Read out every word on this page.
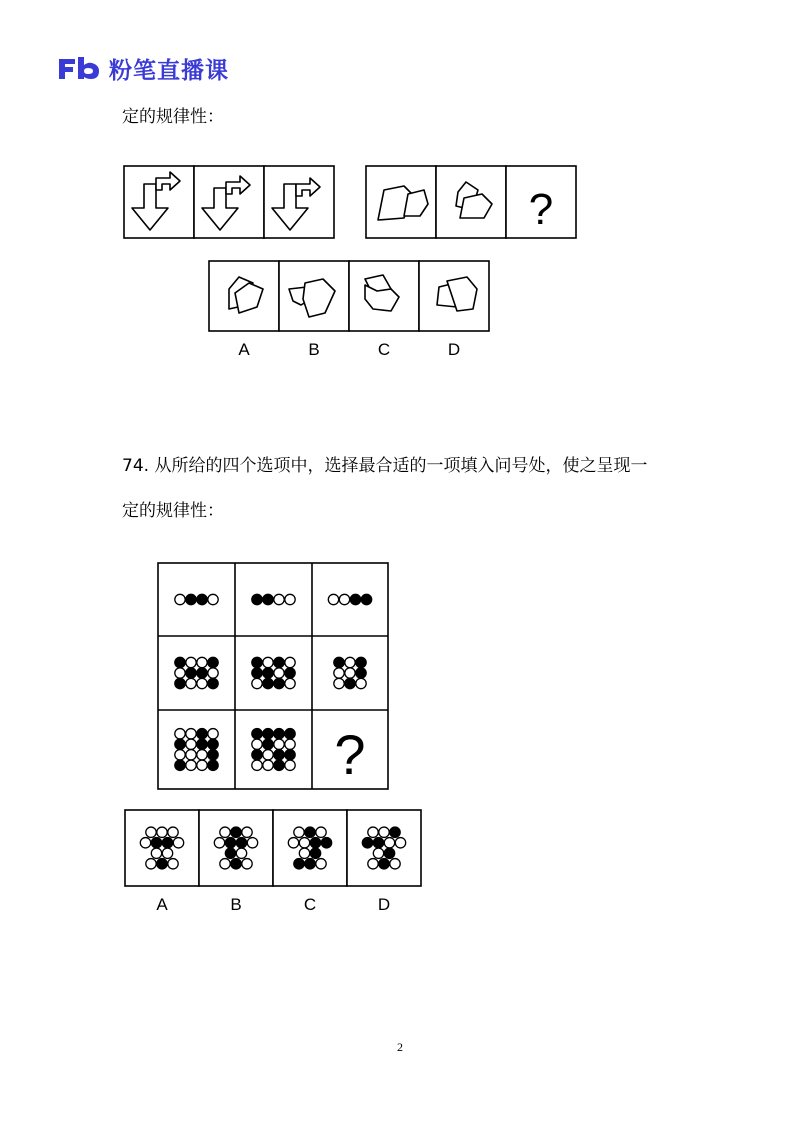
粉笔直播课
定的规律性：
?
A	B	C	D
74. 从所给的四个选项中，选择最合适的一项填入问号处，使之呈现一
定的规律性：
?
A	B	C	D
2
